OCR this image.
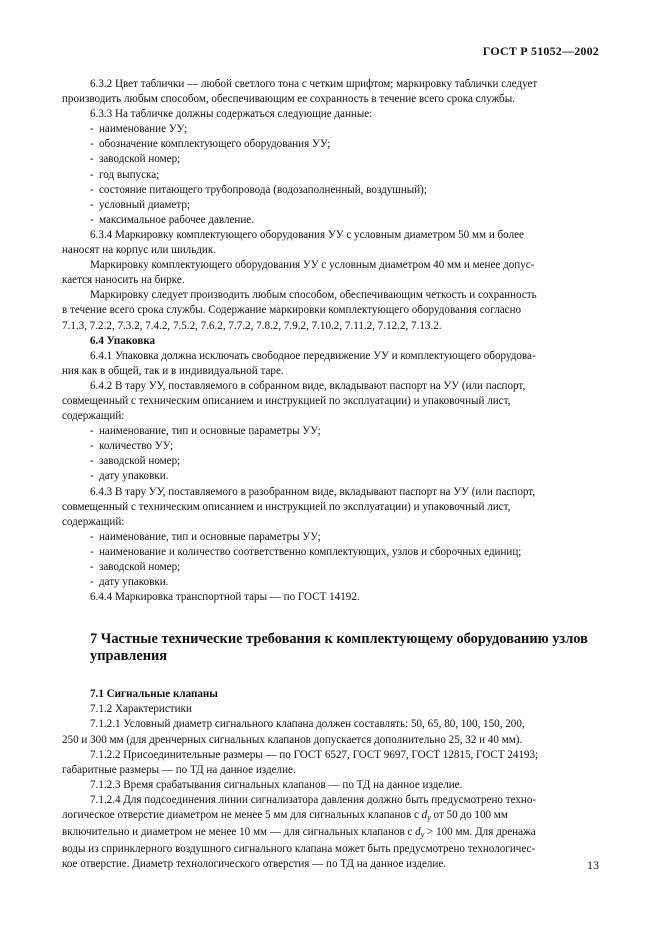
ГОСТ Р 51052—2002

6.3.2 Цвет таблички — любой светлого тона с четким шрифтом; маркировку таблички следует

производить любым способом, обеспечивающим ее сохранность в течение всего срока службы.

6.3.3 На табличке должны содержаться следующие данные:

- наименование УУ;

- обозначение комплектующего оборудования УУ;

- заводской номер;

- год выпуска;

- состояние питающего трубопровода (водозаполненный, воздушный);

- условный диаметр;

- максимальное рабочее давление.

6.3.4 Маркировку комплектующего оборудования УУ с условным диаметром 50 мм и более

наносят на корпус или шильдик.

Маркировку комплектующего оборудования УУ с условным диаметром 40 мм и менее допус-

кается наносить на бирке.

Маркировку следует производить любым способом, обеспечивающим четкость и сохранность

в течение всего срока службы. Содержание маркировки комплектующего оборудования согласно

7.1.3, 7.2.2, 7.3.2, 7.4.2, 7.5.2, 7.6.2, 7.7.2, 7.8.2, 7.9.2, 7.10.2, 7.11.2, 7.12.2, 7.13.2.

6.4 Упаковка

6.4.1 Упаковка должна исключать свободное передвижение УУ и комплектующего оборудова-

ния как в общей, так и в индивидуальной таре.

6.4.2 В тару УУ, поставляемого в собранном виде, вкладывают паспорт на УУ (или паспорт,

совмещенный с техническим описанием и инструкцией по эксплуатации) и упаковочный лист,

содержащий:

- наименование, тип и основные параметры УУ;

- количество УУ;

- заводской номер;

- дату упаковки.

6.4.3 В тару УУ, поставляемого в разобранном виде, вкладывают паспорт на УУ (или паспорт,

совмещенный с техническим описанием и инструкцией по эксплуатации) и упаковочный лист,

содержащий:

- наименование, тип и основные параметры УУ;

- наименование и количество соответственно комплектующих, узлов и сборочных единиц;

- заводской номер;

- дату упаковки.

6.4.4 Маркировка транспортной тары — по ГОСТ 14192.

7 Частные технические требования к комплектующему оборудованию узлов
управления

7.1 Сигнальные клапаны

7.1.2 Характеристики

7.1.2.1 Условный диаметр сигнального клапана должен составлять: 50, 65, 80, 100, 150, 200,

250 и 300 мм (для дренчерных сигнальных клапанов допускается дополнительно 25, 32 и 40 мм).

7.1.2.2 Присоединительные размеры — по ГОСТ 6527, ГОСТ 9697, ГОСТ 12815, ГОСТ 24193;

габаритные размеры — по ТД на данное изделие.

7.1.2.3 Время срабатывания сигнальных клапанов — по ТД на данное изделие.

7.1.2.4 Для подсоединения линии сигнализатора давления должно быть предусмотрено техно-

логическое отверстие диаметром не менее 5 мм для сигнальных клапанов с $d_y$ от 50 до 100 мм

включительно и диаметром не менее 10 мм — для сигнальных клапанов с $d_y > 100$ мм. Для дренажа

воды из спринклерного воздушного сигнального клапана может быть предусмотрено технологичес-

кое отверстие. Диаметр технологического отверстия — по ТД на данное изделие.	13
